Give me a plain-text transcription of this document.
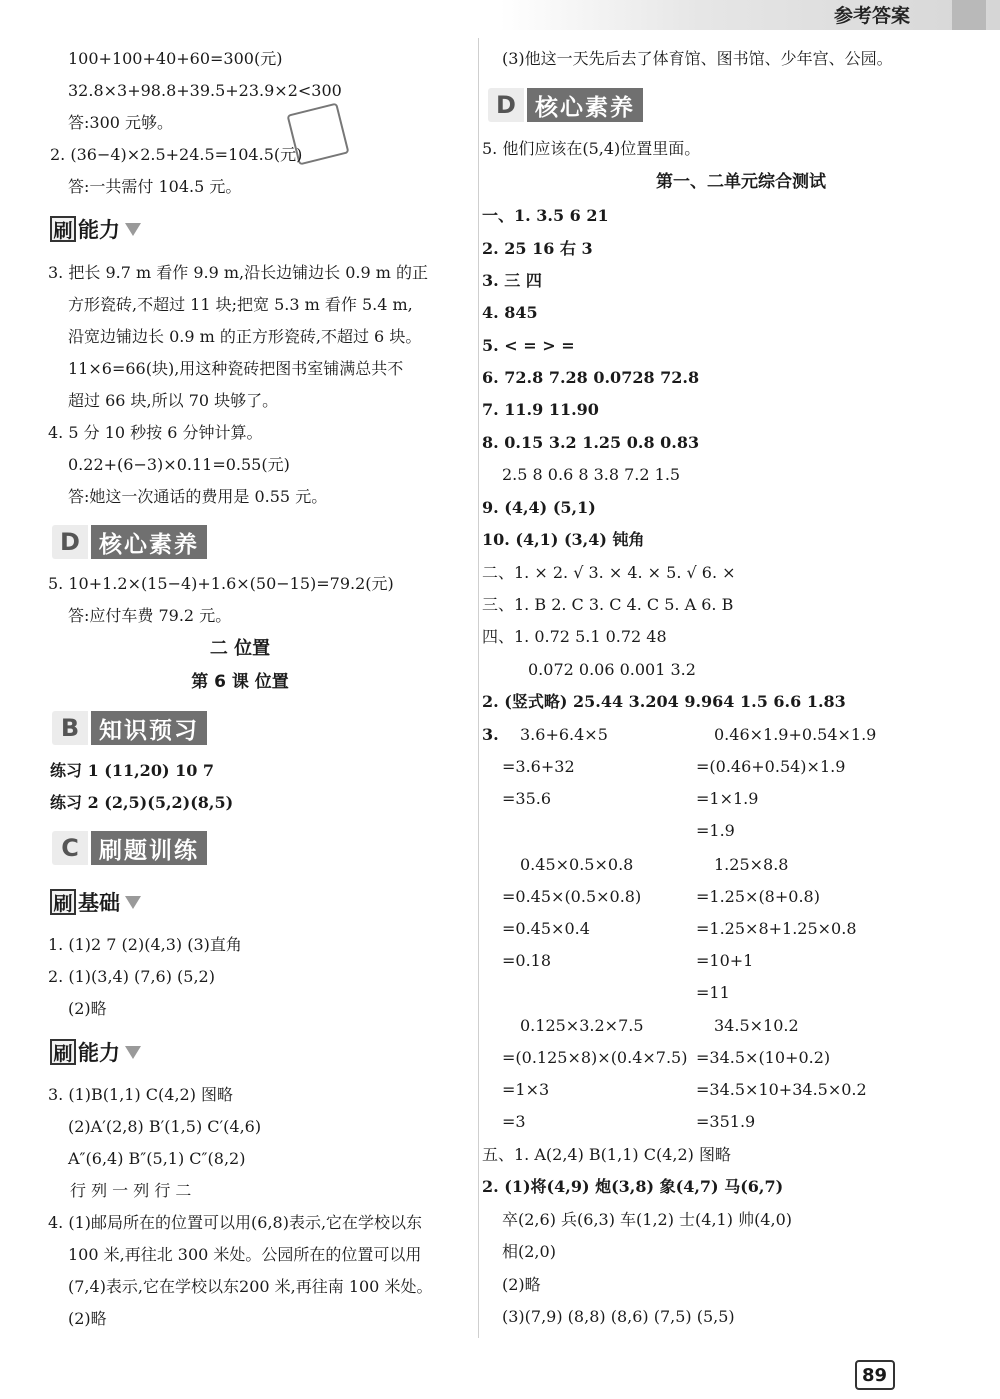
参考答案
100+100+40+60=300(元)
32.8×3+98.8+39.5+23.9×2<300
答:300 元够。
2. (36−4)×2.5+24.5=104.5(元)
答:一共需付 104.5 元。
刷 能力
3. 把长 9.7 m 看作 9.9 m,沿长边铺边长 0.9 m 的正
方形瓷砖,不超过 11 块;把宽 5.3 m 看作 5.4 m,
沿宽边铺边长 0.9 m 的正方形瓷砖,不超过 6 块。
11×6=66(块),用这种瓷砖把图书室铺满总共不
超过 66 块,所以 70 块够了。
4. 5 分 10 秒按 6 分钟计算。
0.22+(6−3)×0.11=0.55(元)
答:她这一次通话的费用是 0.55 元。
D 核心素养
5. 10+1.2×(15−4)+1.6×(50−15)=79.2(元)
答:应付车费 79.2 元。
二 位置
第 6 课 位置
B 知识预习
练习 1 (11,20) 10 7
练习 2 (2,5)(5,2)(8,5)
C 刷题训练
刷 基础
1. (1)2 7 (2)(4,3) (3)直角
2. (1)(3,4) (7,6) (5,2)
(2)略
刷 能力
3. (1)B(1,1) C(4,2) 图略
(2)A′(2,8) B′(1,5) C′(4,6)
A″(6,4) B″(5,1) C″(8,2)
行 列 一 列 行 二
4. (1)邮局所在的位置可以用(6,8)表示,它在学校以东
100 米,再往北 300 米处。公园所在的位置可以用
(7,4)表示,它在学校以东200 米,再往南 100 米处。
(2)略
(3)他这一天先后去了体育馆、图书馆、少年宫、公园。
D 核心素养
5. 他们应该在(5,4)位置里面。
第一、二单元综合测试
一、1. 3.5 6 21
2. 25 16 右 3
3. 三 四
4. 845
5. < = > =
6. 72.8 7.28 0.0728 72.8
7. 11.9 11.90
8. 0.15 3.2 1.25 0.8 0.83
2.5 8 0.6 8 3.8 7.2 1.5
9. (4,4) (5,1)
10. (4,1) (3,4) 钝角
二、1. × 2. √ 3. × 4. × 5. √ 6. ×
三、1. B 2. C 3. C 4. C 5. A 6. B
四、1. 0.72 5.1 0.72 48
0.072 0.06 0.001 3.2
2. (竖式略) 25.44 3.204 9.964 1.5 6.6 1.83
3. 3.6+6.4×5
=3.6+32
=35.6
0.45×0.5×0.8
=0.45×(0.5×0.8)
=0.45×0.4
=0.18
0.125×3.2×7.5
=(0.125×8)×(0.4×7.5)
=1×3
=3
0.46×1.9+0.54×1.9
=(0.46+0.54)×1.9
=1×1.9
=1.9
1.25×8.8
=1.25×(8+0.8)
=1.25×8+1.25×0.8
=10+1
=11
34.5×10.2
=34.5×(10+0.2)
=34.5×10+34.5×0.2
=351.9
五、1. A(2,4) B(1,1) C(4,2) 图略
2. (1)将(4,9) 炮(3,8) 象(4,7) 马(6,7)
卒(2,6) 兵(6,3) 车(1,2) 士(4,1) 帅(4,0)
相(2,0)
(2)略
(3)(7,9) (8,8) (8,6) (7,5) (5,5)
89
